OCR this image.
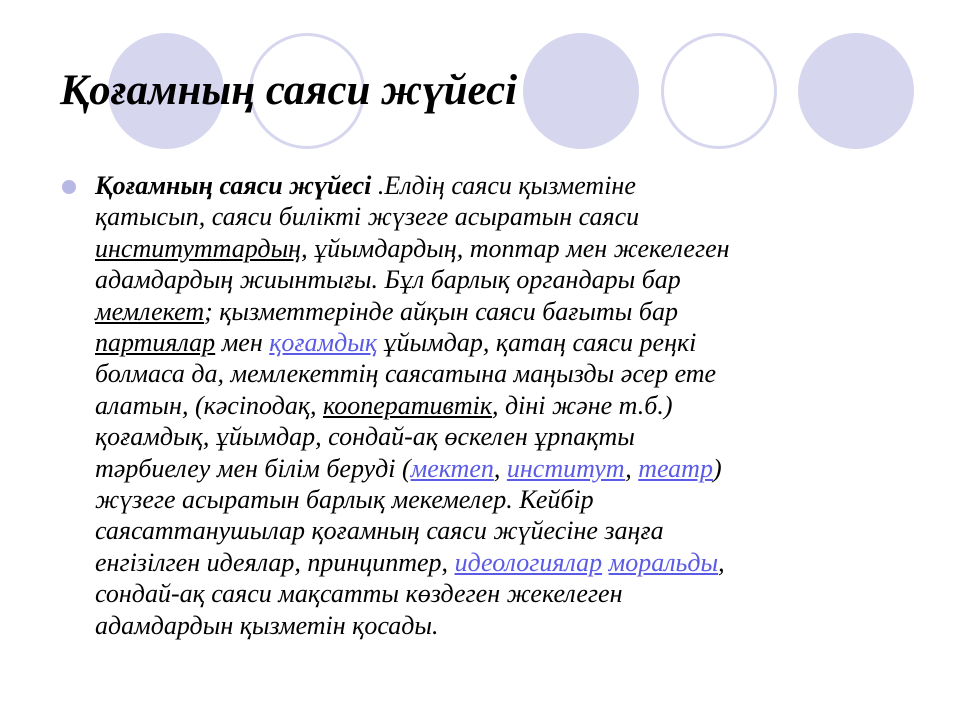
Қоғамның саяси жүйесі

Қоғамның саяси жүйесі .Елдің саяси қызметіне
қатысып, саяси билікті жүзеге асыратын саяси
институттардың, ұйымдардың, топтар мен жекелеген
адамдардың жиынтығы. Бұл барлық органдары бар
мемлекет; қызметтерінде айқын саяси бағыты бар
партиялар мен қоғамдық ұйымдар, қатаң саяси реңкі
болмаса да, мемлекеттің саясатына маңызды әсер ете
алатын, (кәсіподақ, кооперативтік, діні және т.б.)
қоғамдық, ұйымдар, сондай-ақ өскелен ұрпақты
тәрбиелеу мен білім беруді (мектеп, институт, театр)
жүзеге асыратын барлық мекемелер. Кейбір
саясаттанушылар қоғамның саяси жүйесіне заңға
енгізілген идеялар, принциптер, идеологиялар моральды,
сондай-ақ саяси мақсатты көздеген жекелеген
адамдардын қызметін қосады.
